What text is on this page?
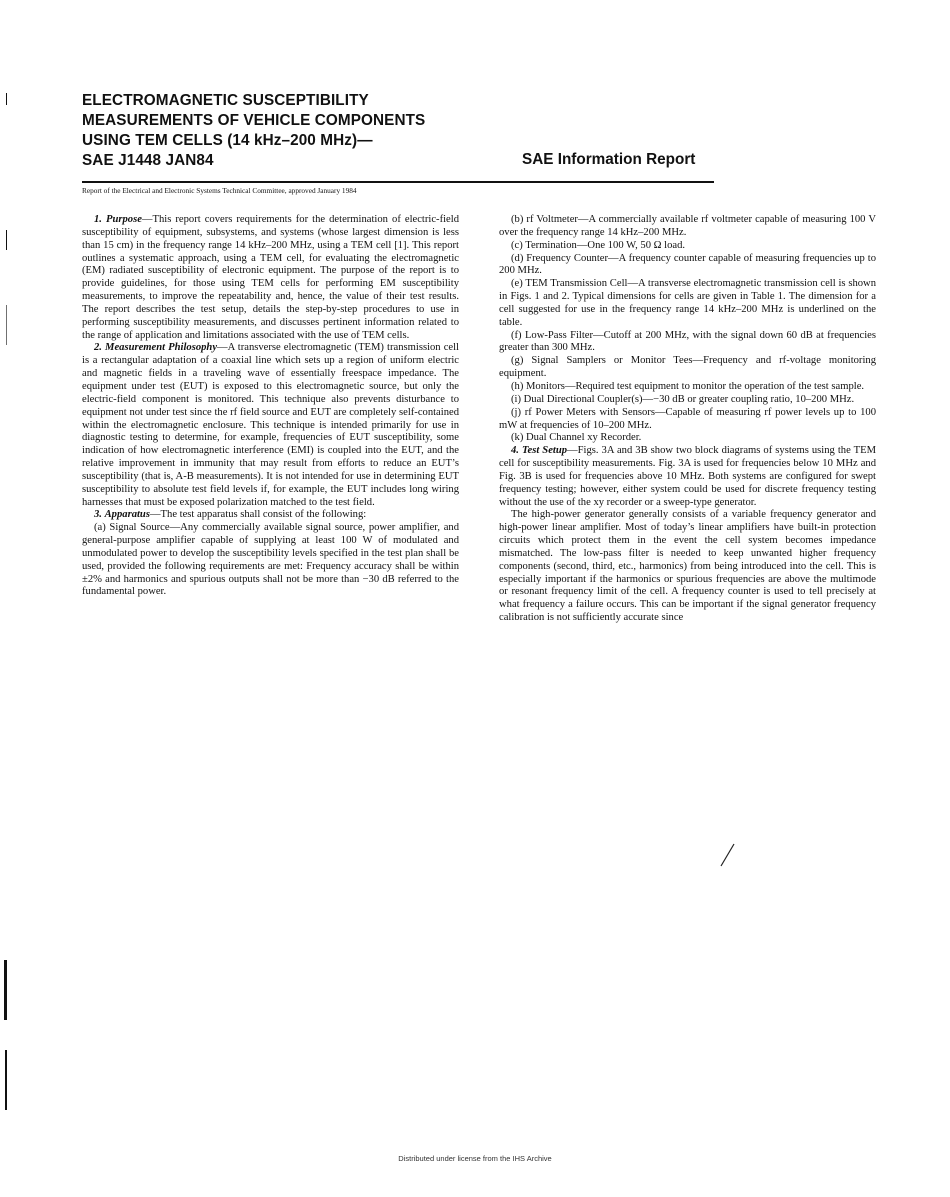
ELECTROMAGNETIC SUSCEPTIBILITY
MEASUREMENTS OF VEHICLE COMPONENTS
USING TEM CELLS (14 kHz–200 MHz)—
SAE J1448 JAN84	SAE Information Report
Report of the Electrical and Electronic Systems Technical Committee, approved January 1984

1. Purpose—This report covers requirements for the determination of electric-field susceptibility of equipment, subsystems, and systems (whose largest dimension is less than 15 cm) in the frequency range 14 kHz–200 MHz, using a TEM cell [1]. This report outlines a systematic approach, using a TEM cell, for evaluating the electromagnetic (EM) radiated susceptibility of electronic equipment. The purpose of the report is to provide guidelines, for those using TEM cells for performing EM susceptibility measurements, to improve the repeatability and, hence, the value of their test results. The report describes the test setup, details the step-by-step procedures to use in performing susceptibility measurements, and discusses pertinent information related to the range of application and limitations associated with the use of TEM cells.

2. Measurement Philosophy—A transverse electromagnetic (TEM) transmission cell is a rectangular adaptation of a coaxial line which sets up a region of uniform electric and magnetic fields in a traveling wave of essentially freespace impedance. The equipment under test (EUT) is exposed to this electromagnetic source, but only the electric-field component is monitored. This technique also prevents disturbance to equipment not under test since the rf field source and EUT are completely self-contained within the electromagnetic enclosure. This technique is intended primarily for use in diagnostic testing to determine, for example, frequencies of EUT susceptibility, some indication of how electromagnetic interference (EMI) is coupled into the EUT, and the relative improvement in immunity that may result from efforts to reduce an EUT’s susceptibility (that is, A-B measurements). It is not intended for use in determining EUT susceptibility to absolute test field levels if, for example, the EUT includes long wiring harnesses that must be exposed polarization matched to the test field.

3. Apparatus—The test apparatus shall consist of the following:

(a) Signal Source—Any commercially available signal source, power amplifier, and general-purpose amplifier capable of supplying at least 100 W of modulated and unmodulated power to develop the susceptibility levels specified in the test plan shall be used, provided the following requirements are met: Frequency accuracy shall be within ±2% and harmonics and spurious outputs shall not be more than −30 dB referred to the fundamental power.

(b) rf Voltmeter—A commercially available rf voltmeter capable of measuring 100 V over the frequency range 14 kHz–200 MHz.

(c) Termination—One 100 W, 50 Ω load.

(d) Frequency Counter—A frequency counter capable of measuring frequencies up to 200 MHz.

(e) TEM Transmission Cell—A transverse electromagnetic transmission cell is shown in Figs. 1 and 2. Typical dimensions for cells are given in Table 1. The dimension for a cell suggested for use in the frequency range 14 kHz–200 MHz is underlined on the table.

(f) Low-Pass Filter—Cutoff at 200 MHz, with the signal down 60 dB at frequencies greater than 300 MHz.

(g) Signal Samplers or Monitor Tees—Frequency and rf-voltage monitoring equipment.

(h) Monitors—Required test equipment to monitor the operation of the test sample.

(i) Dual Directional Coupler(s)—−30 dB or greater coupling ratio, 10–200 MHz.

(j) rf Power Meters with Sensors—Capable of measuring rf power levels up to 100 mW at frequencies of 10–200 MHz.

(k) Dual Channel xy Recorder.

4. Test Setup—Figs. 3A and 3B show two block diagrams of systems using the TEM cell for susceptibility measurements. Fig. 3A is used for frequencies below 10 MHz and Fig. 3B is used for frequencies above 10 MHz. Both systems are configured for swept frequency testing; however, either system could be used for discrete frequency testing without the use of the xy recorder or a sweep-type generator.

The high-power generator generally consists of a variable frequency generator and high-power linear amplifier. Most of today’s linear amplifiers have built-in protection circuits which protect them in the event the cell system becomes impedance mismatched. The low-pass filter is needed to keep unwanted higher frequency components (second, third, etc., harmonics) from being introduced into the cell. This is especially important if the harmonics or spurious frequencies are above the multimode or resonant frequency limit of the cell. A frequency counter is used to tell precisely at what frequency a failure occurs. This can be important if the signal generator frequency calibration is not sufficiently accurate since

Distributed under license from the IHS Archive
